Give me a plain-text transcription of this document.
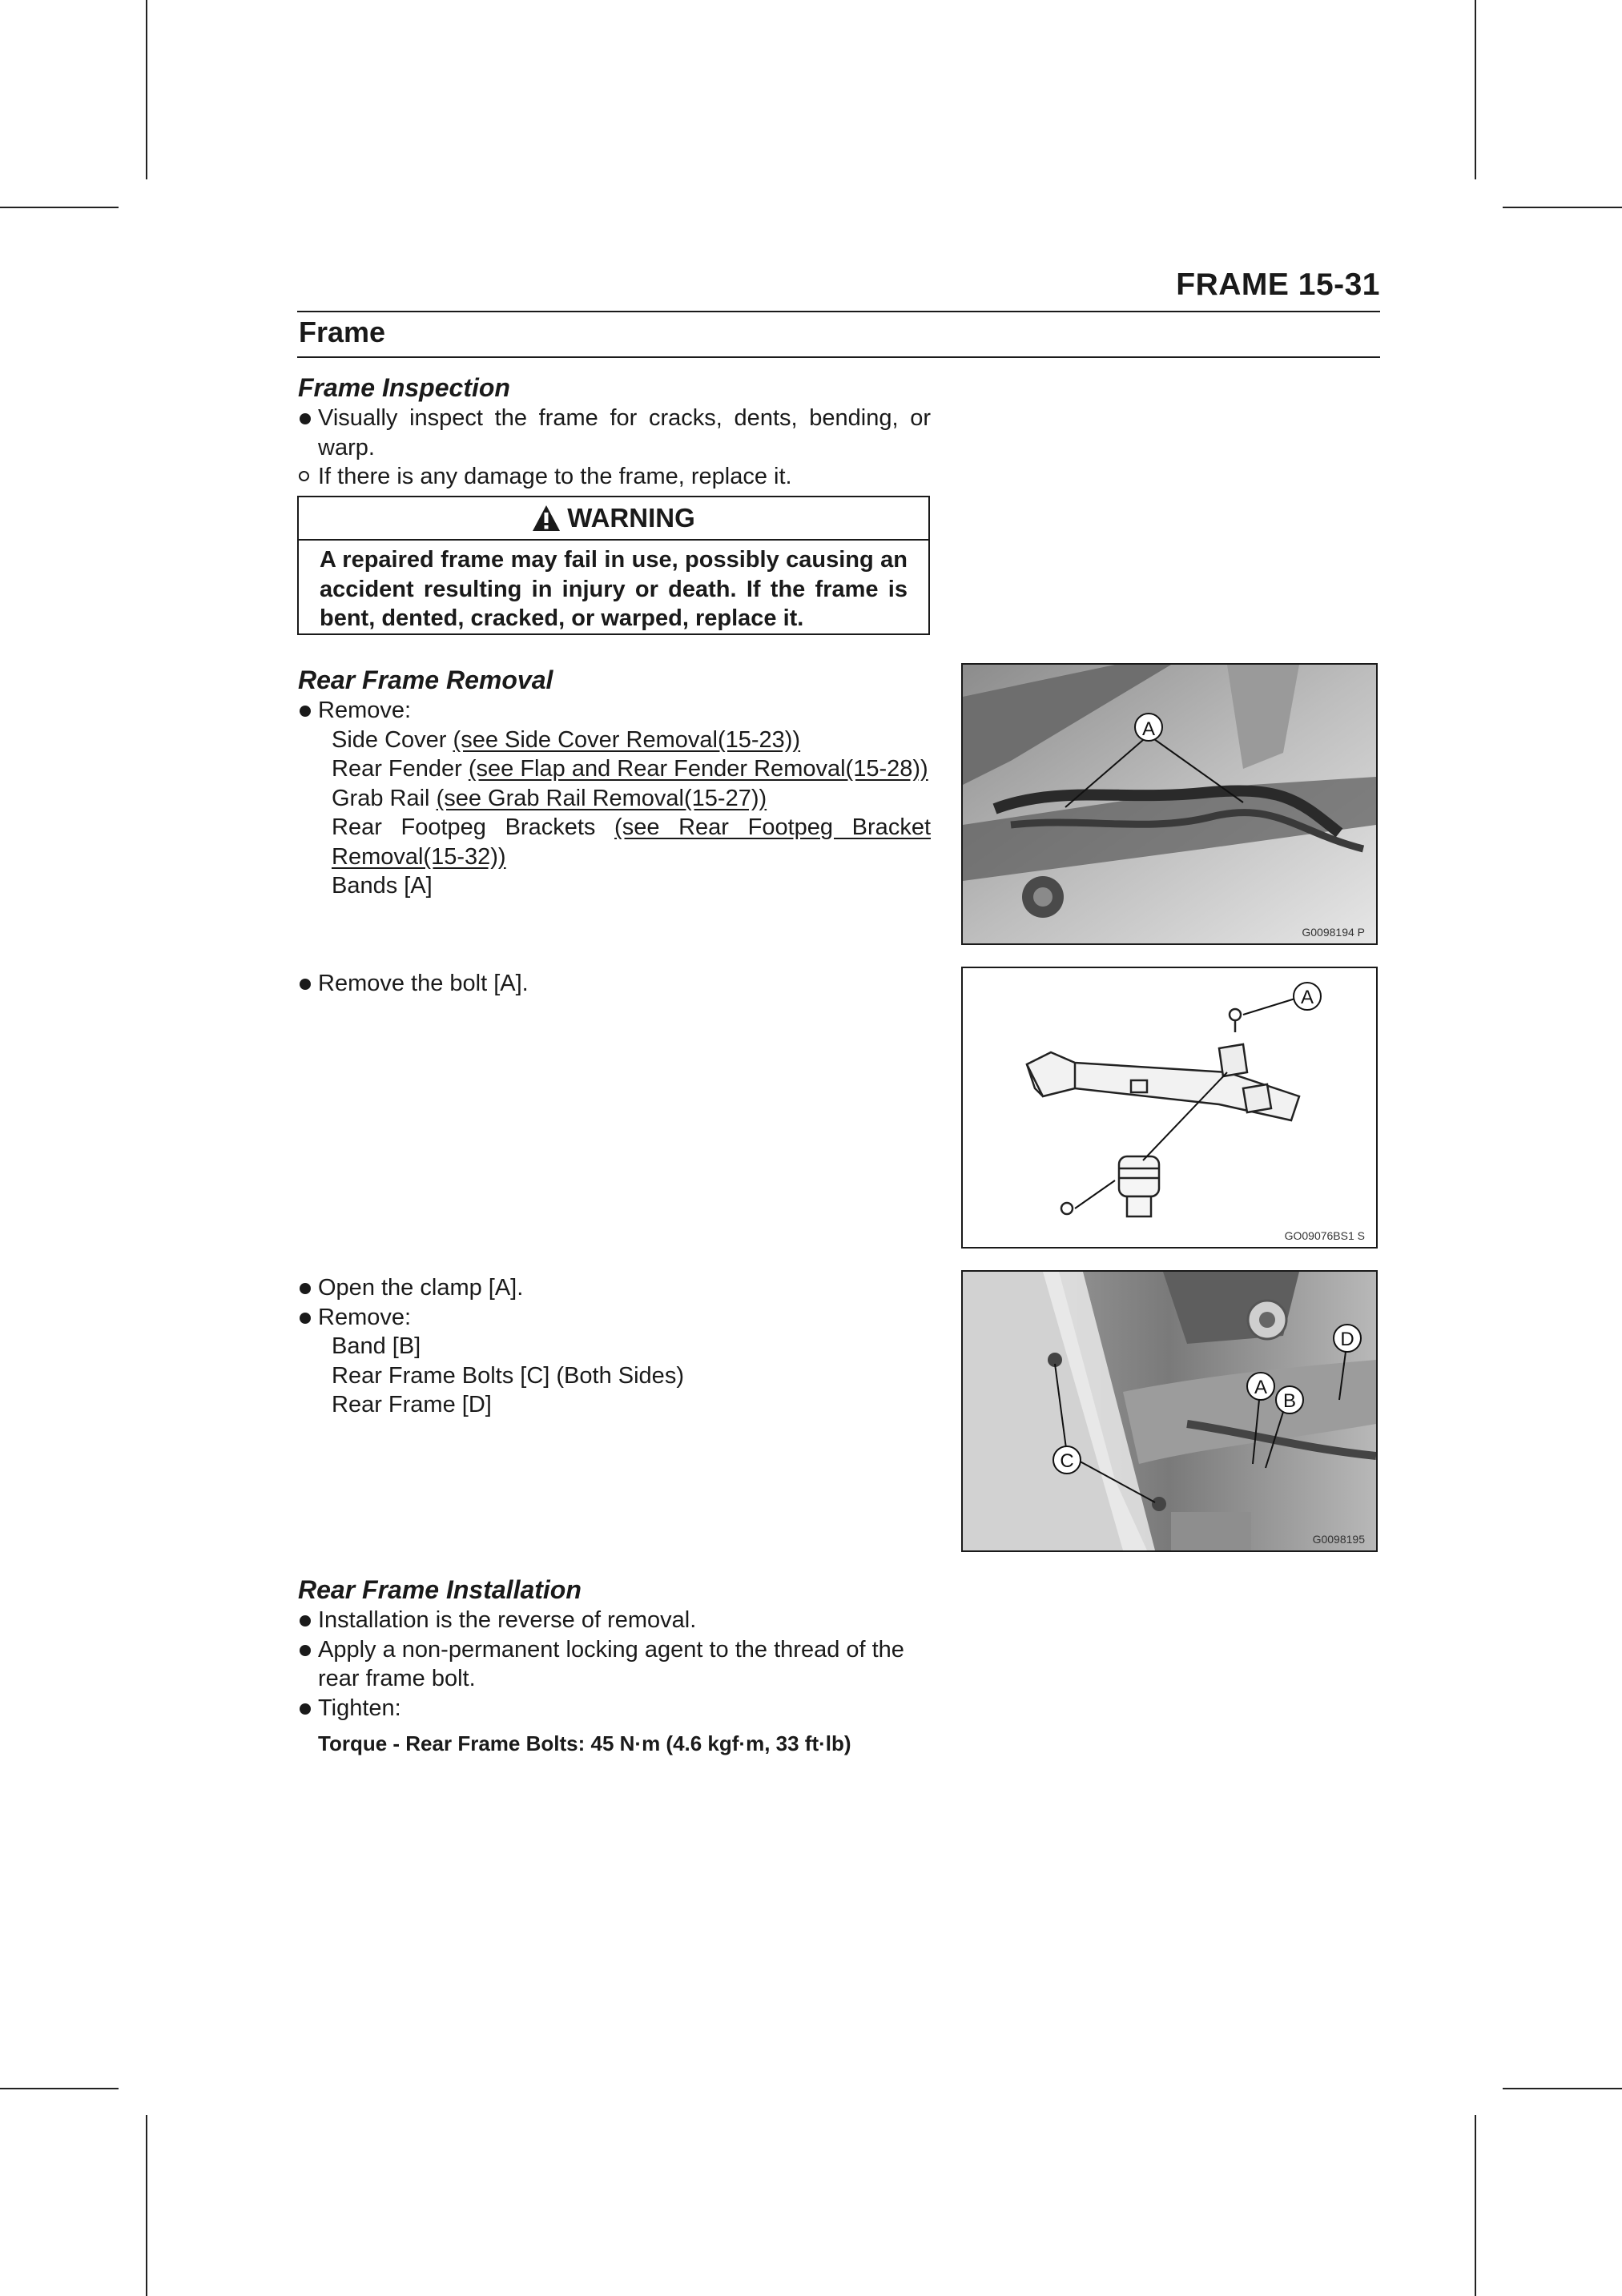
FRAME 15-31
Frame
Frame Inspection
Visually inspect the frame for cracks, dents, bending, or warp.
If there is any damage to the frame, replace it.
WARNING
A repaired frame may fail in use, possibly causing an accident resulting in injury or death. If the frame is bent, dented, cracked, or warped, replace it.
Rear Frame Removal
Remove:
Side Cover (see Side Cover Removal(15-23))
Rear Fender (see Flap and Rear Fender Removal(15-28))
Grab Rail (see Grab Rail Removal(15-27))
Rear Footpeg Brackets (see Rear Footpeg Bracket Removal(15-32))
Bands [A]
Remove the bolt [A].
Open the clamp [A].
Remove:
Band [B]
Rear Frame Bolts [C] (Both Sides)
Rear Frame [D]
Rear Frame Installation
Installation is the reverse of removal.
Apply a non-permanent locking agent to the thread of the rear frame bolt.
Tighten:
Torque - Rear Frame Bolts: 45 N·m (4.6 kgf·m, 33 ft·lb)
A
G0098194 P
A
GO09076BS1 S
C
A
B
D
G0098195
